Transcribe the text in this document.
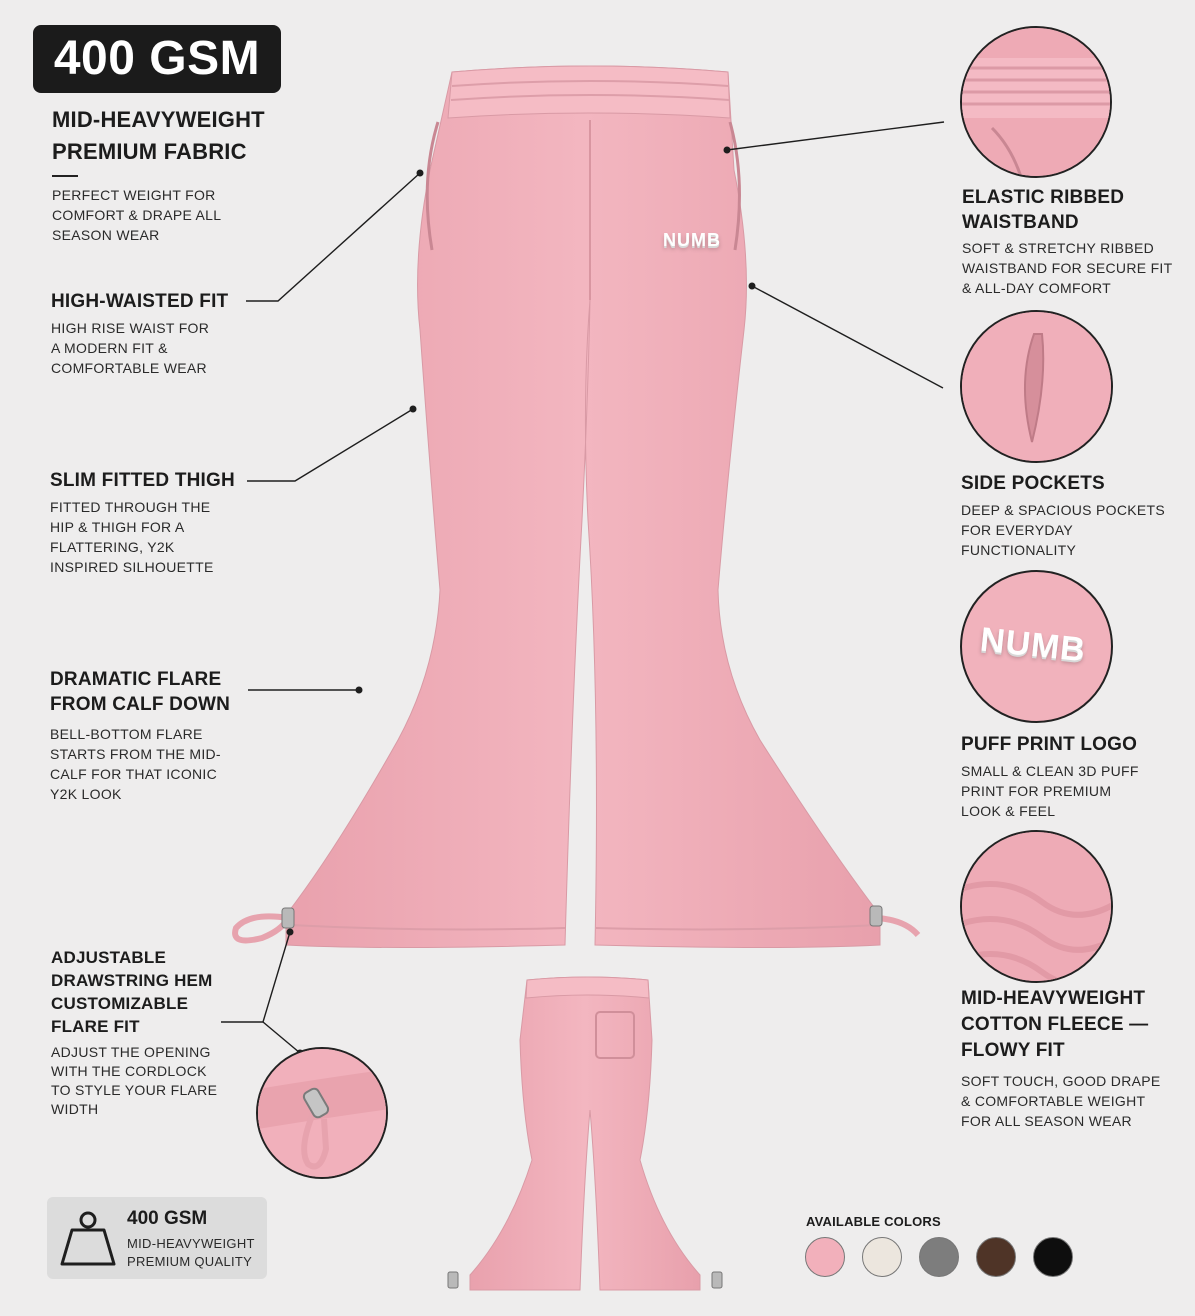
400 GSM
MID-HEAVYWEIGHT PREMIUM FABRIC
PERFECT WEIGHT FOR COMFORT & DRAPE ALL SEASON WEAR
HIGH-WAISTED FIT
HIGH RISE WAIST FOR A MODERN FIT & COMFORTABLE WEAR
SLIM FITTED THIGH
FITTED THROUGH THE HIP & THIGH FOR A FLATTERING, Y2K INSPIRED SILHOUETTE
DRAMATIC FLARE FROM CALF DOWN
BELL-BOTTOM FLARE STARTS FROM THE MID-CALF FOR THAT ICONIC Y2K LOOK
ADJUSTABLE DRAWSTRING HEM CUSTOMIZABLE FLARE FIT
ADJUST THE OPENING WITH THE CORDLOCK TO STYLE YOUR FLARE WIDTH
ELASTIC RIBBED WAISTBAND
SOFT & STRETCHY RIBBED WAISTBAND FOR SECURE FIT & ALL-DAY COMFORT
SIDE POCKETS
DEEP & SPACIOUS POCKETS FOR EVERYDAY FUNCTIONALITY
PUFF PRINT LOGO
SMALL & CLEAN 3D PUFF PRINT FOR PREMIUM LOOK & FEEL
MID-HEAVYWEIGHT COTTON FLEECE — FLOWY FIT
SOFT TOUCH, GOOD DRAPE & COMFORTABLE WEIGHT FOR ALL SEASON WEAR
NUMB
NUMB
400 GSM
MID-HEAVYWEIGHT
PREMIUM QUALITY
AVAILABLE COLORS
